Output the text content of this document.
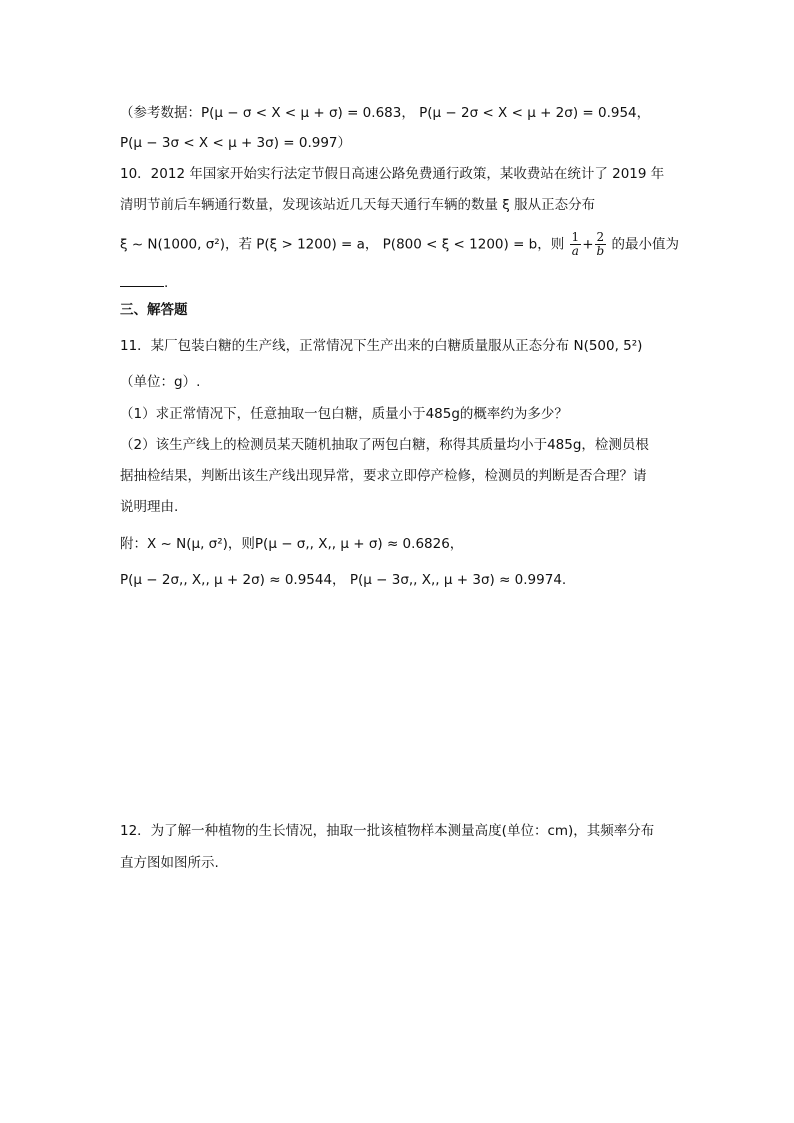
（参考数据：P(μ − σ < X < μ + σ) = 0.683， P(μ − 2σ < X < μ + 2σ) = 0.954，
P(μ − 3σ < X < μ + 3σ) = 0.997）
10．2012 年国家开始实行法定节假日高速公路免费通行政策，某收费站在统计了 2019 年
清明节前后车辆通行数量，发现该站近几天每天通行车辆的数量 ξ 服从正态分布
ξ ~ N(1000, σ²)，若 P(ξ > 1200) = a， P(800 < ξ < 1200) = b，则 $\frac{1}{a} + \frac{2}{b}$ 的最小值为
.
三、解答题
11．某厂包装白糖的生产线，正常情况下生产出来的白糖质量服从正态分布 N(500, 5²)
（单位：g）.
（1）求正常情况下，任意抽取一包白糖，质量小于485g的概率约为多少？
（2）该生产线上的检测员某天随机抽取了两包白糖，称得其质量均小于485g，检测员根
据抽检结果，判断出该生产线出现异常，要求立即停产检修，检测员的判断是否合理？请
说明理由.
附：X ~ N(μ, σ²)，则P(μ − σ,, X,, μ + σ) ≈ 0.6826，
P(μ − 2σ,, X,, μ + 2σ) ≈ 0.9544， P(μ − 3σ,, X,, μ + 3σ) ≈ 0.9974.
12．为了解一种植物的生长情况，抽取一批该植物样本测量高度(单位：cm)，其频率分布
直方图如图所示.
